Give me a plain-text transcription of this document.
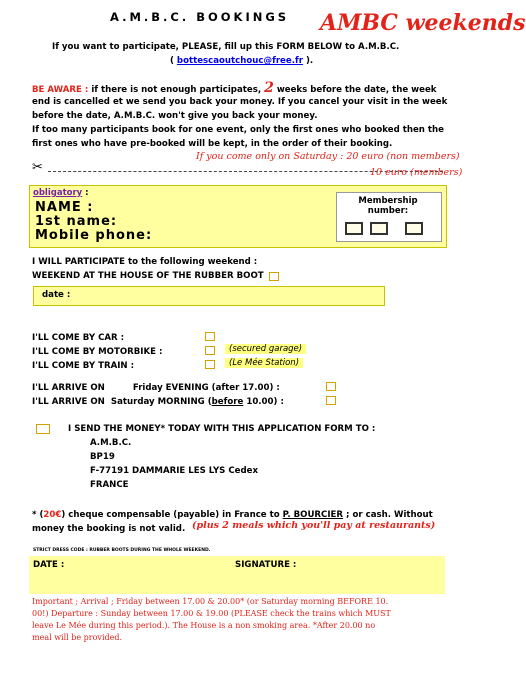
A.M.B.C. BOOKINGS AMBC weekends
If you want to participate, PLEASE, fill up this FORM BELOW to A.M.B.C.
( bottescaoutchouc@free.fr ).
BE AWARE : if there is not enough participates, 2 weeks before the date, the week
end is cancelled et we send you back your money. If you cancel your visit in the week
before the date, A.M.B.C. won't give you back your money.
If too many participants book for one event, only the first ones who booked then the
first ones who have pre-booked will be kept, in the order of their booking.
If you come only on Saturday : 20 euro (non members)
✂	10 euro (members)
obligatory :
NAME :
1st name:
Mobile phone:
Membership number:
I WILL PARTICIPATE to the following weekend :
WEEKEND AT THE HOUSE OF THE RUBBER BOOT
date :
I'LL COME BY CAR :
I'LL COME BY MOTORBIKE :	(secured garage)
I'LL COME BY TRAIN :	(Le Mée Station)
I'LL ARRIVE ON	Friday EVENING (after 17.00) :
I'LL ARRIVE ON Saturday MORNING (before 10.00) :
I SEND THE MONEY* TODAY WITH THIS APPLICATION FORM TO :
A.M.B.C.
BP19
F-77191 DAMMARIE LES LYS Cedex
FRANCE
* (20€) cheque compensable (payable) in France to P. BOURCIER ; or cash. Without
money the booking is not valid. (plus 2 meals which you'll pay at restaurants)
STRICT DRESS CODE : RUBBER BOOTS DURING THE WHOLE WEEKEND.
DATE :	SIGNATURE :
Important ; Arrival ; Friday between 17.00 & 20.00* (or Saturday morning BEFORE 10.
00!) Departure : Sunday between 17.00 & 19.00 (PLEASE check the trains which MUST
leave Le Mée during this period.). The House is a non smoking area. *After 20.00 no
meal will be provided.
